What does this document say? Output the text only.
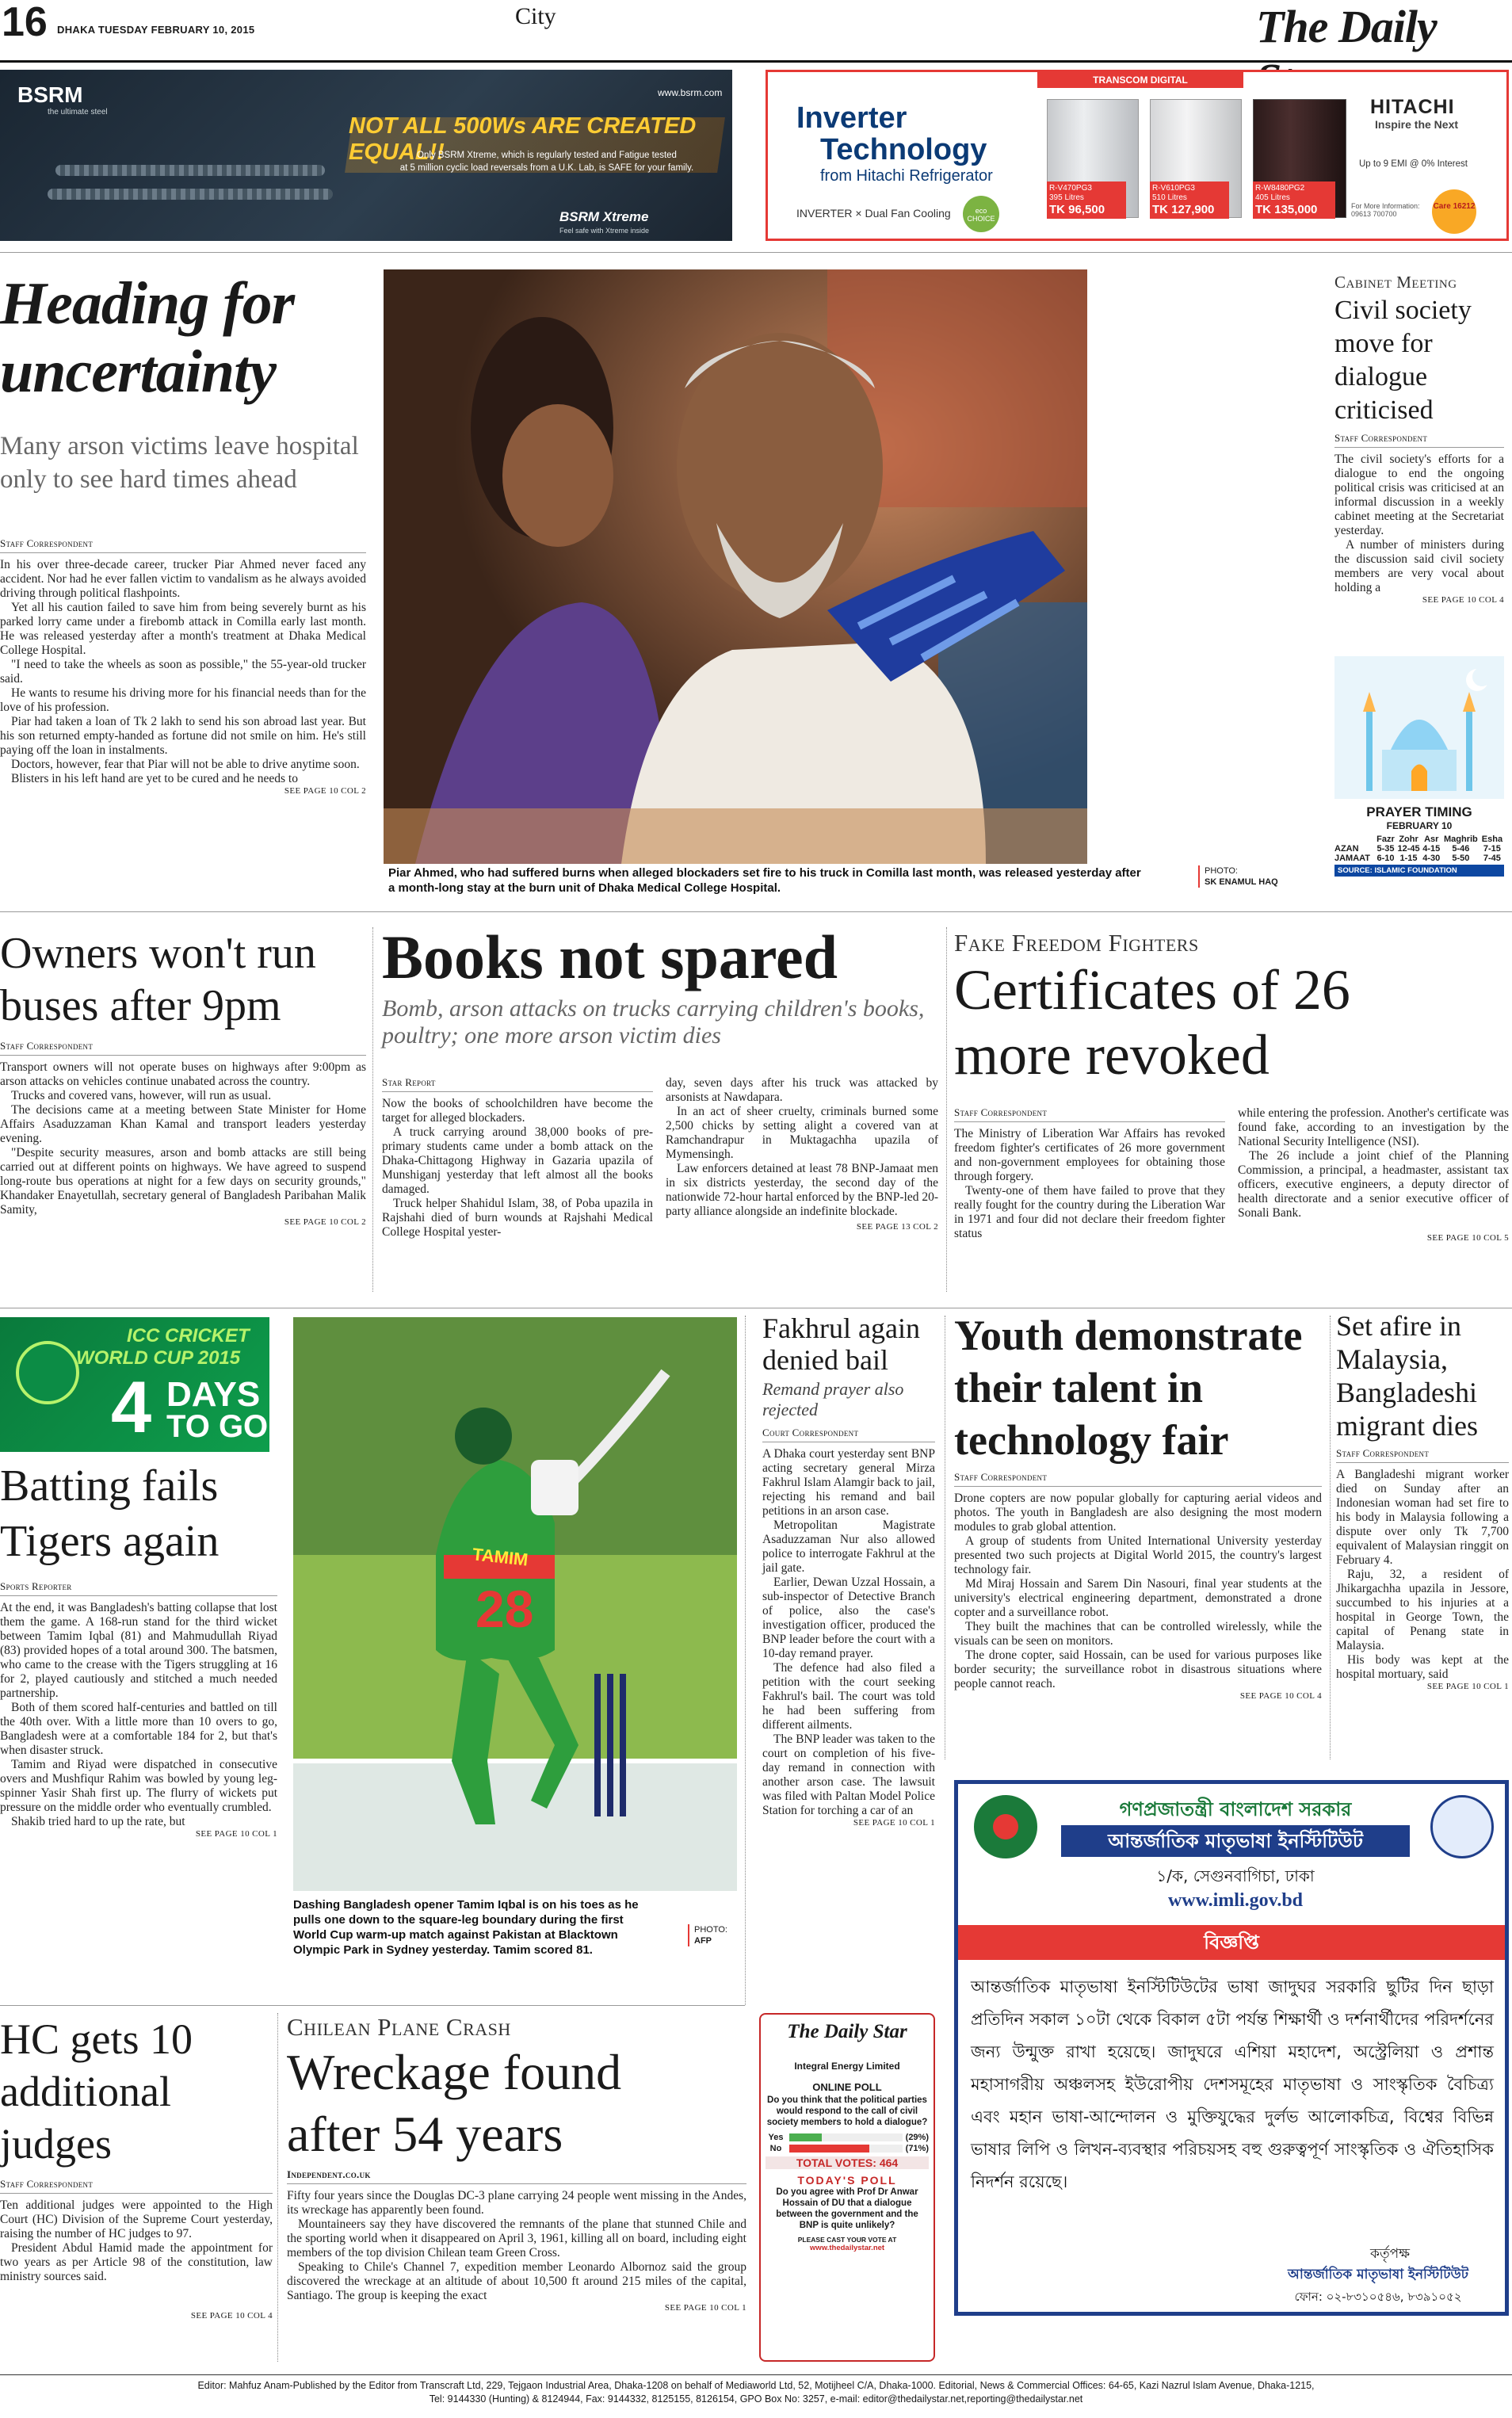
16 DHAKA TUESDAY FEBRUARY 10, 2015
City	The Daily
BSRM
the ultimate steel
www.bsrm.com
NOT ALL 500Ws ARE CREATED EQUAL!!
Only BSRM Xtreme, which is regularly tested and Fatigue tested
at 5 million cyclic load reversals from a U.K. Lab, is SAFE for your family.
BSRM Xtreme
Feel safe with Xtreme inside
TRANSCOM DIGITAL
Inverter
Technology
from Hitachi Refrigerator
INVERTER × Dual Fan Cooling	eco CHOICE
R-V470PG3
395 Litres
TK 96,500
R-V610PG3
510 Litres
TK 127,900
R-W8480PG2
405 Litres
TK 135,000
HITACHI
Inspire the Next
Up to 9 EMI @ 0% Interest
For More Information: 09613 700700
Care 16212
Heading for
uncertainty
Many arson victims leave hospital only to see hard times ahead
Staff Correspondent

In his over three-decade career, trucker Piar Ahmed never faced any accident. Nor had he ever fallen victim to vandalism as he always avoided driving through political flashpoints.

Yet all his caution failed to save him from being severely burnt as his parked lorry came under a firebomb attack in Comilla early last month. He was released yesterday after a month's treatment at Dhaka Medical College Hospital.

"I need to take the wheels as soon as possible," the 55-year-old trucker said.

He wants to resume his driving more for his financial needs than for the love of his profession.

Piar had taken a loan of Tk 2 lakh to send his son abroad last year. But his son returned empty-handed as fortune did not smile on him. He's still paying off the loan in instalments.

Doctors, however, fear that Piar will not be able to drive anytime soon.

Blisters in his left hand are yet to be cured and he needs to

SEE PAGE 10 COL 2
Piar Ahmed, who had suffered burns when alleged blockaders set fire to his truck in Comilla last month, was released yesterday after a month-long stay at the burn unit of Dhaka Medical College Hospital.
PHOTO:
SK ENAMUL HAQ
Cabinet Meeting
Civil society move for dialogue criticised
Staff Correspondent

The civil society's efforts for a dialogue to end the ongoing political crisis was criticised at an informal discussion in a weekly cabinet meeting at the Secretariat yesterday.

A number of ministers during the discussion said civil society members are very vocal about holding a

SEE PAGE 10 COL 4
PRAYER TIMING
FEBRUARY 10
	Fazr	Zohr	Asr	Maghrib	Esha
AZAN	5-35	12-45	4-15	5-46	7-15
JAMAAT	6-10	1-15	4-30	5-50	7-45
SOURCE: ISLAMIC FOUNDATION
Owners won't run
buses after 9pm
Staff Correspondent

Transport owners will not operate buses on highways after 9:00pm as arson attacks on vehicles continue unabated across the country.

Trucks and covered vans, however, will run as usual.

The decisions came at a meeting between State Minister for Home Affairs Asaduzzaman Khan Kamal and transport leaders yesterday evening.

"Despite security measures, arson and bomb attacks are still being carried out at different points on highways. We have agreed to suspend long-route bus operations at night for a few days on security grounds," Khandaker Enayetullah, secretary general of Bangladesh Paribahan Malik Samity,

SEE PAGE 10 COL 2
Books not spared
Bomb, arson attacks on trucks carrying children's books, poultry; one more arson victim dies
Star Report

Now the books of schoolchildren have become the target for alleged blockaders.

A truck carrying around 38,000 books of pre-primary students came under a bomb attack on the Dhaka-Chittagong Highway in Gazaria upazila of Munshiganj yesterday that left almost all the books damaged.

Truck helper Shahidul Islam, 38, of Poba upazila in Rajshahi died of burn wounds at Rajshahi Medical College Hospital yester-

day, seven days after his truck was attacked by arsonists at Nawdapara.

In an act of sheer cruelty, criminals burned some 2,500 chicks by setting alight a covered van at Ramchandrapur in Muktagachha upazila of Mymensingh.

Law enforcers detained at least 78 BNP-Jamaat men in six districts yesterday, the second day of the nationwide 72-hour hartal enforced by the BNP-led 20-party alliance alongside an indefinite blockade.

SEE PAGE 13 COL 2
Fake Freedom Fighters
Certificates of 26
more revoked
Staff Correspondent

The Ministry of Liberation War Affairs has revoked freedom fighter's certificates of 26 more government and non-government employees for obtaining those through forgery.

Twenty-one of them have failed to prove that they really fought for the country during the Liberation War in 1971 and four did not declare their freedom fighter status

while entering the profession. Another's certificate was found fake, according to an investigation by the National Security Intelligence (NSI).

The 26 include a joint chief of the Planning Commission, a principal, a headmaster, assistant tax officers, executive engineers, a deputy director of health directorate and a senior executive officer of Sonali Bank.

SEE PAGE 10 COL 5
ICC CRICKET
WORLD CUP 2015
4 DAYS
TO GO
Batting fails
Tigers again
Sports Reporter

At the end, it was Bangladesh's batting collapse that lost them the game. A 168-run stand for the third wicket between Tamim Iqbal (81) and Mahmudullah Riyad (83) provided hopes of a total around 300. The batsmen, who came to the crease with the Tigers struggling at 16 for 2, played cautiously and stitched a much needed partnership.

Both of them scored half-centuries and battled on till the 40th over. With a little more than 10 overs to go, Bangladesh were at a comfortable 184 for 2, but that's when disaster struck.

Tamim and Riyad were dispatched in consecutive overs and Mushfiqur Rahim was bowled by young leg-spinner Yasir Shah first up. The flurry of wickets put pressure on the middle order who eventually crumbled.

Shakib tried hard to up the rate, but

SEE PAGE 10 COL 1
28
TAMIM
Dashing Bangladesh opener Tamim Iqbal is on his toes as he pulls one down to the square-leg boundary during the first World Cup warm-up match against Pakistan at Blacktown Olympic Park in Sydney yesterday. Tamim scored 81.
PHOTO:
AFP
Fakhrul again denied bail
Remand prayer also rejected
Court Correspondent

A Dhaka court yesterday sent BNP acting secretary general Mirza Fakhrul Islam Alamgir back to jail, rejecting his remand and bail petitions in an arson case.

Metropolitan Magistrate Asaduzzaman Nur also allowed police to interrogate Fakhrul at the jail gate.

Earlier, Dewan Uzzal Hossain, a sub-inspector of Detective Branch of police, also the case's investigation officer, produced the BNP leader before the court with a 10-day remand prayer.

The defence had also filed a petition with the court seeking Fakhrul's bail. The court was told he had been suffering from different ailments.

The BNP leader was taken to the court on completion of his five-day remand in connection with another arson case. The lawsuit was filed with Paltan Model Police Station for torching a car of an

SEE PAGE 10 COL 1
Youth demonstrate their talent in technology fair
Staff Correspondent

Drone copters are now popular globally for capturing aerial videos and photos. The youth in Bangladesh are also designing the most modern modules to grab global attention.

A group of students from United International University yesterday presented two such projects at Digital World 2015, the country's largest technology fair.

Md Miraj Hossain and Sarem Din Nasouri, final year students at the university's electrical engineering department, demonstrated a drone copter and a surveillance robot.

They built the machines that can be controlled wirelessly, while the visuals can be seen on monitors.

The drone copter, said Hossain, can be used for various purposes like border security; the surveillance robot in disastrous situations where people cannot reach.

SEE PAGE 10 COL 4
Set afire in Malaysia, Bangladeshi migrant dies
Staff Correspondent

A Bangladeshi migrant worker died on Sunday after an Indonesian woman had set fire to his body in Malaysia following a dispute over only Tk 7,700 equivalent of Malaysian ringgit on February 4.

Raju, 32, a resident of Jhikargachha upazila in Jessore, succumbed to his injuries at a hospital in George Town, the capital of Penang state in Malaysia.

His body was kept at the hospital mortuary, said

SEE PAGE 10 COL 1
গণপ্রজাতন্ত্রী বাংলাদেশ সরকার
আন্তর্জাতিক মাতৃভাষা ইনস্টিটিউট
১/ক, সেগুনবাগিচা, ঢাকা
www.imli.gov.bd
বিজ্ঞপ্তি
আন্তর্জাতিক মাতৃভাষা ইনস্টিটিউটের ভাষা জাদুঘর সরকারি ছুটির দিন ছাড়া প্রতিদিন সকাল ১০টা থেকে বিকাল ৫টা পর্যন্ত শিক্ষার্থী ও দর্শনার্থীদের পরিদর্শনের জন্য উন্মুক্ত রাখা হয়েছে। জাদুঘরে এশিয়া মহাদেশ, অস্ট্রেলিয়া ও প্রশান্ত মহাসাগরীয় অঞ্চলসহ ইউরোপীয় দেশসমূহের মাতৃভাষা ও সাংস্কৃতিক বৈচিত্র্য এবং মহান ভাষা-আন্দোলন ও মুক্তিযুদ্ধের দুর্লভ আলোকচিত্র, বিশ্বের বিভিন্ন ভাষার লিপি ও লিখন-ব্যবস্থার পরিচয়সহ বহু গুরুত্বপূর্ণ সাংস্কৃতিক ও ঐতিহাসিক নিদর্শন রয়েছে।
কর্তৃপক্ষ
আন্তর্জাতিক মাতৃভাষা ইনস্টিটিউট
ফোন: ০২-৮৩১০৫৪৬, ৮৩৯১০৫২
HC gets 10 additional judges
Staff Correspondent

Ten additional judges were appointed to the High Court (HC) Division of the Supreme Court yesterday, raising the number of HC judges to 97.

President Abdul Hamid made the appointment for two years as per Article 98 of the constitution, law ministry sources said.

SEE PAGE 10 COL 4
Chilean Plane Crash
Wreckage found
after 54 years
Independent.co.uk

Fifty four years since the Douglas DC-3 plane carrying 24 people went missing in the Andes, its wreckage has apparently been found.

Mountaineers say they have discovered the remnants of the plane that stunned Chile and the sporting world when it disappeared on April 3, 1961, killing all on board, including eight members of the top division Chilean team Green Cross.

Speaking to Chile's Channel 7, expedition member Leonardo Albornoz said the group discovered the wreckage at an altitude of about 10,500 ft around 215 miles of the capital, Santiago. The group is keeping the exact

SEE PAGE 10 COL 1
The Daily Star
Integral Energy Limited
ONLINE POLL
Do you think that the political parties would respond to the call of civil society members to hold a dialogue?
Yes	(29%)
No	(71%)
TOTAL VOTES: 464
TODAY'S POLL
Do you agree with Prof Dr Anwar Hossain of DU that a dialogue between the government and the BNP is quite unlikely?
PLEASE CAST YOUR VOTE AT
www.thedailystar.net
Editor: Mahfuz Anam-Published by the Editor from Transcraft Ltd, 229, Tejgaon Industrial Area, Dhaka-1208 on behalf of Mediaworld Ltd, 52, Motijheel C/A, Dhaka-1000. Editorial, News & Commercial Offices: 64-65, Kazi Nazrul Islam Avenue, Dhaka-1215,
Tel: 9144330 (Hunting) & 8124944, Fax: 9144332, 8125155, 8126154, GPO Box No: 3257, e-mail: editor@thedailystar.net,reporting@thedailystar.net
